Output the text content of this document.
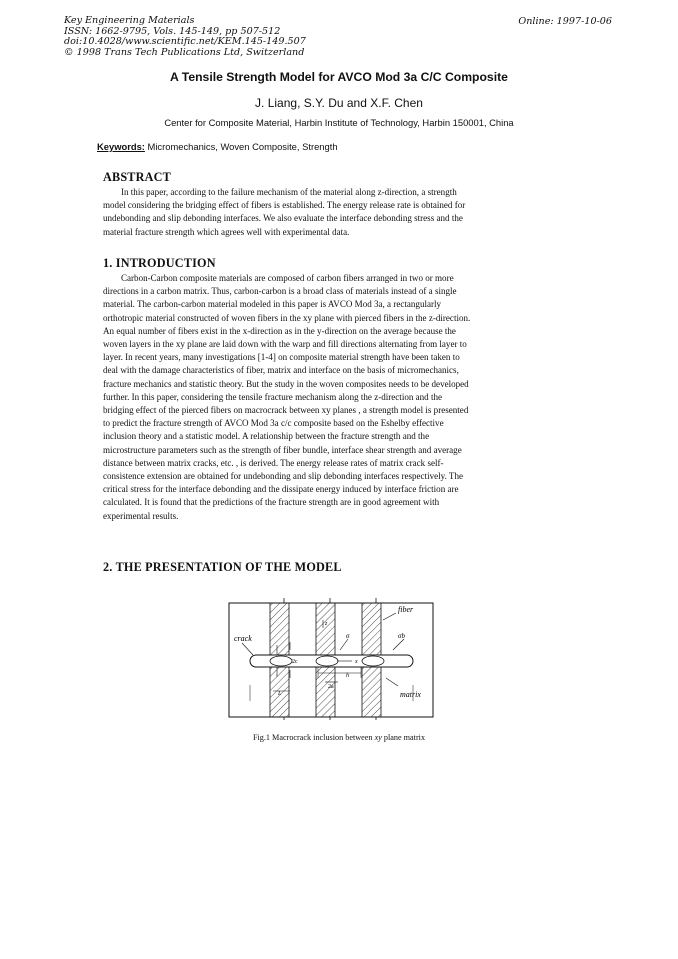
Key Engineering Materials
ISSN: 1662-9795, Vols. 145-149, pp 507-512
doi:10.4028/www.scientific.net/KEM.145-149.507
© 1998 Trans Tech Publications Ltd, Switzerland
Online: 1997-10-06
A Tensile Strength Model for AVCO Mod 3a C/C Composite
J. Liang, S.Y. Du and X.F. Chen
Center for Composite Material, Harbin Institute of Technology, Harbin 150001, China
Keywords: Micromechanics, Woven Composite, Strength
ABSTRACT
In this paper, according to the failure mechanism of the material along z-direction, a strength
model considering the bridging effect of fibers is established. The energy release rate is obtained for
undebonding and slip debonding interfaces. We also evaluate the interface debonding stress and the
material fracture strength which agrees well with experimental data.
1. INTRODUCTION
Carbon-Carbon composite materials are composed of carbon fibers arranged in two or more
directions in a carbon matrix. Thus, carbon-carbon is a broad class of materials instead of a single
material. The carbon-carbon material modeled in this paper is AVCO Mod 3a, a rectangularly
orthotropic material constructed of woven fibers in the xy plane with pierced fibers in the z-direction.
An equal number of fibers exist in the x-direction as in the y-direction on the average because the
woven layers in the xy plane are laid down with the warp and fill directions alternating from layer to
layer. In recent years, many investigations [1-4] on composite material strength have been taken to
deal with the damage characteristics of fiber, matrix and interface on the basis of micromechanics,
fracture mechanics and statistic theory. But the study in the woven composites needs to be developed
further. In this paper, considering the tensile fracture mechanism along the z-direction and the
bridging effect of the pierced fibers on macrocrack between xy planes , a strength model is presented
to predict the fracture strength of AVCO Mod 3a c/c composite based on the Eshelby effective
inclusion theory and a statistic model. A relationship between the fracture strength and the
microstructure parameters such as the strength of fiber bundle, interface shear strength and average
distance between matrix cracks, etc. , is derived. The energy release rates of matrix crack self-
consistence extension are obtained for undebonding and slip debonding interfaces respectively. The
critical stress for the interface debonding and the dissipate energy induced by interface friction are
calculated. It is found that the predictions of the fracture strength are in good agreement with
experimental results.
2. THE PRESENTATION OF THE MODEL
fiber
crack
matrix
2c	x
h
2a
z
σ	σb
L
Fig.1 Macrocrack inclusion between xy plane matrix
